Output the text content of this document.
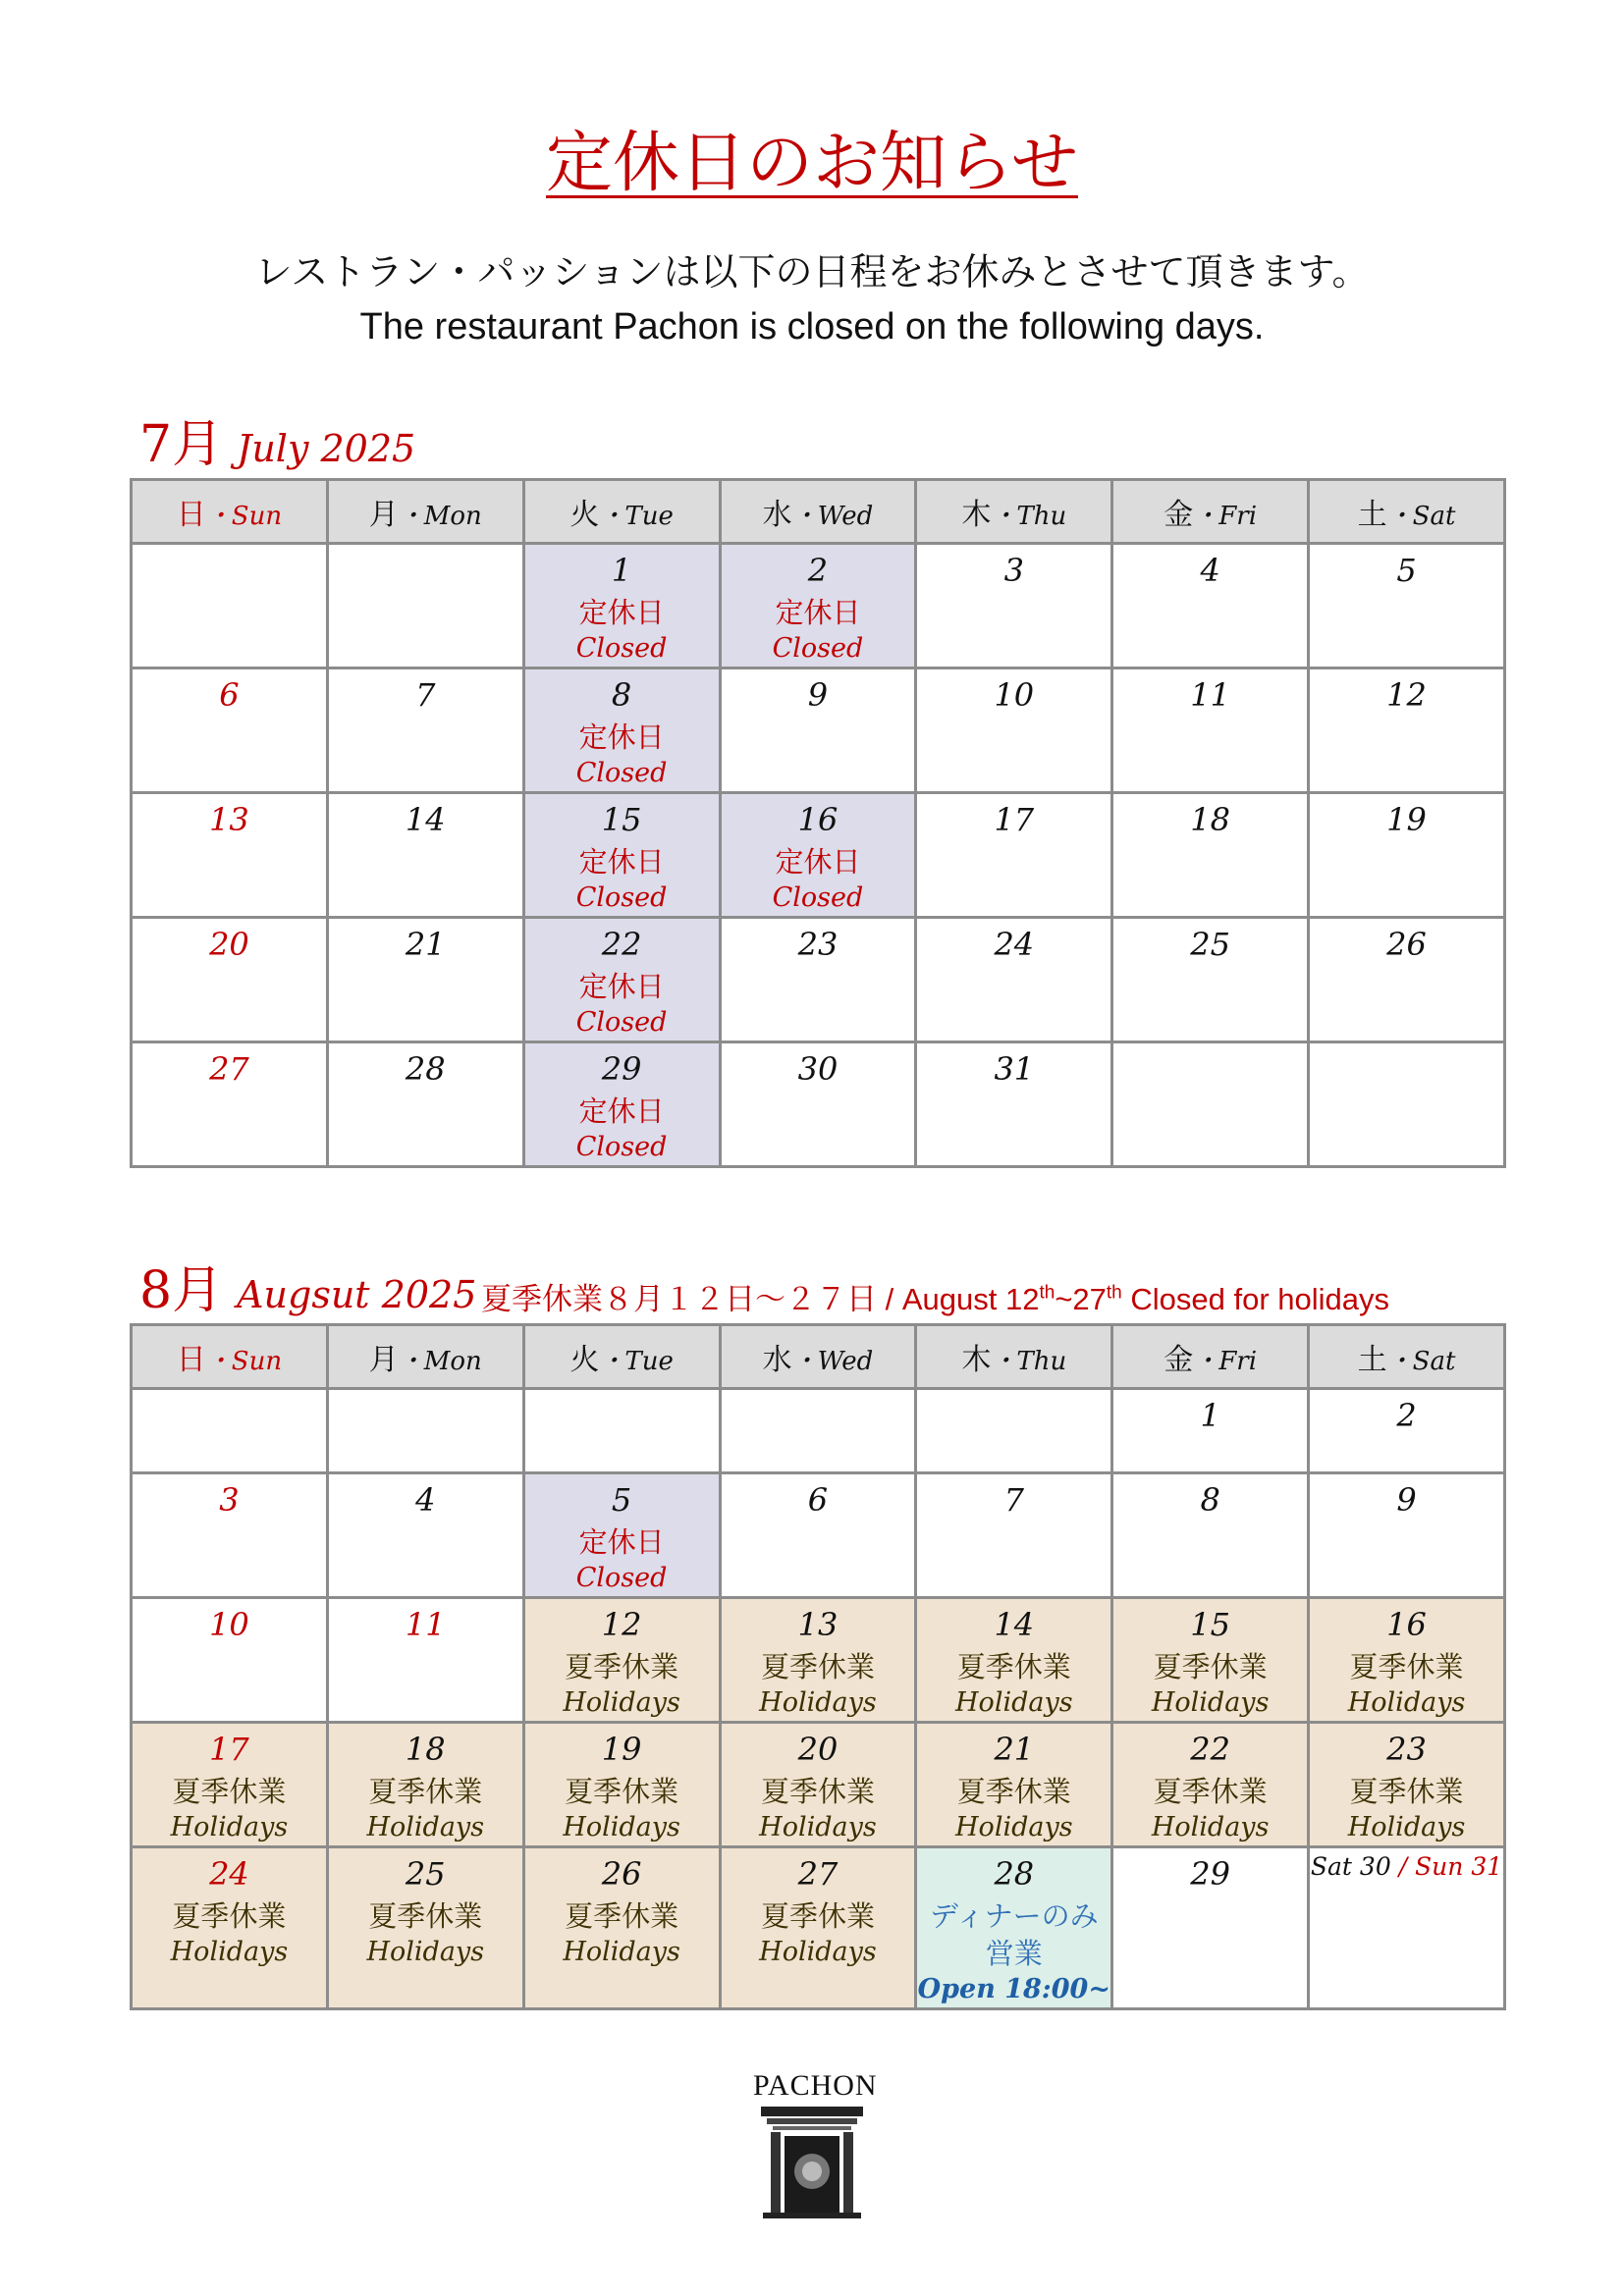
定休日のお知らせ
レストラン・パッションは以下の日程をお休みとさせて頂きます。
The restaurant Pachon is closed on the following days.
7月 July 2025
日・Sun	月・Mon	火・Tue	水・Wed	木・Thu	金・Fri	土・Sat

		1
定休日
Closed	2
定休日
Closed	3	4	5

6	7	8
定休日
Closed	9	10	11	12

13	14	15
定休日
Closed	16
定休日
Closed	17	18	19

20	21	22
定休日
Closed	23	24	25	26

27	28	29
定休日
Closed	30	31		

8月 Augsut 2025 夏季休業８月１２日～２７日 / August 12th~27th Closed for holidays
日・Sun	月・Mon	火・Tue	水・Wed	木・Thu	金・Fri	土・Sat

					1	2

3	4	5
定休日
Closed	6	7	8	9

10	11	12
夏季休業
Holidays	13
夏季休業
Holidays	14
夏季休業
Holidays	15
夏季休業
Holidays	16
夏季休業
Holidays

17
夏季休業
Holidays	18
夏季休業
Holidays	19
夏季休業
Holidays	20
夏季休業
Holidays	21
夏季休業
Holidays	22
夏季休業
Holidays	23
夏季休業
Holidays

24
夏季休業
Holidays	25
夏季休業
Holidays	26
夏季休業
Holidays	27
夏季休業
Holidays	28
ディナーのみ営業
Open 18:00~	29	Sat 30 / Sun 31
PACHON
